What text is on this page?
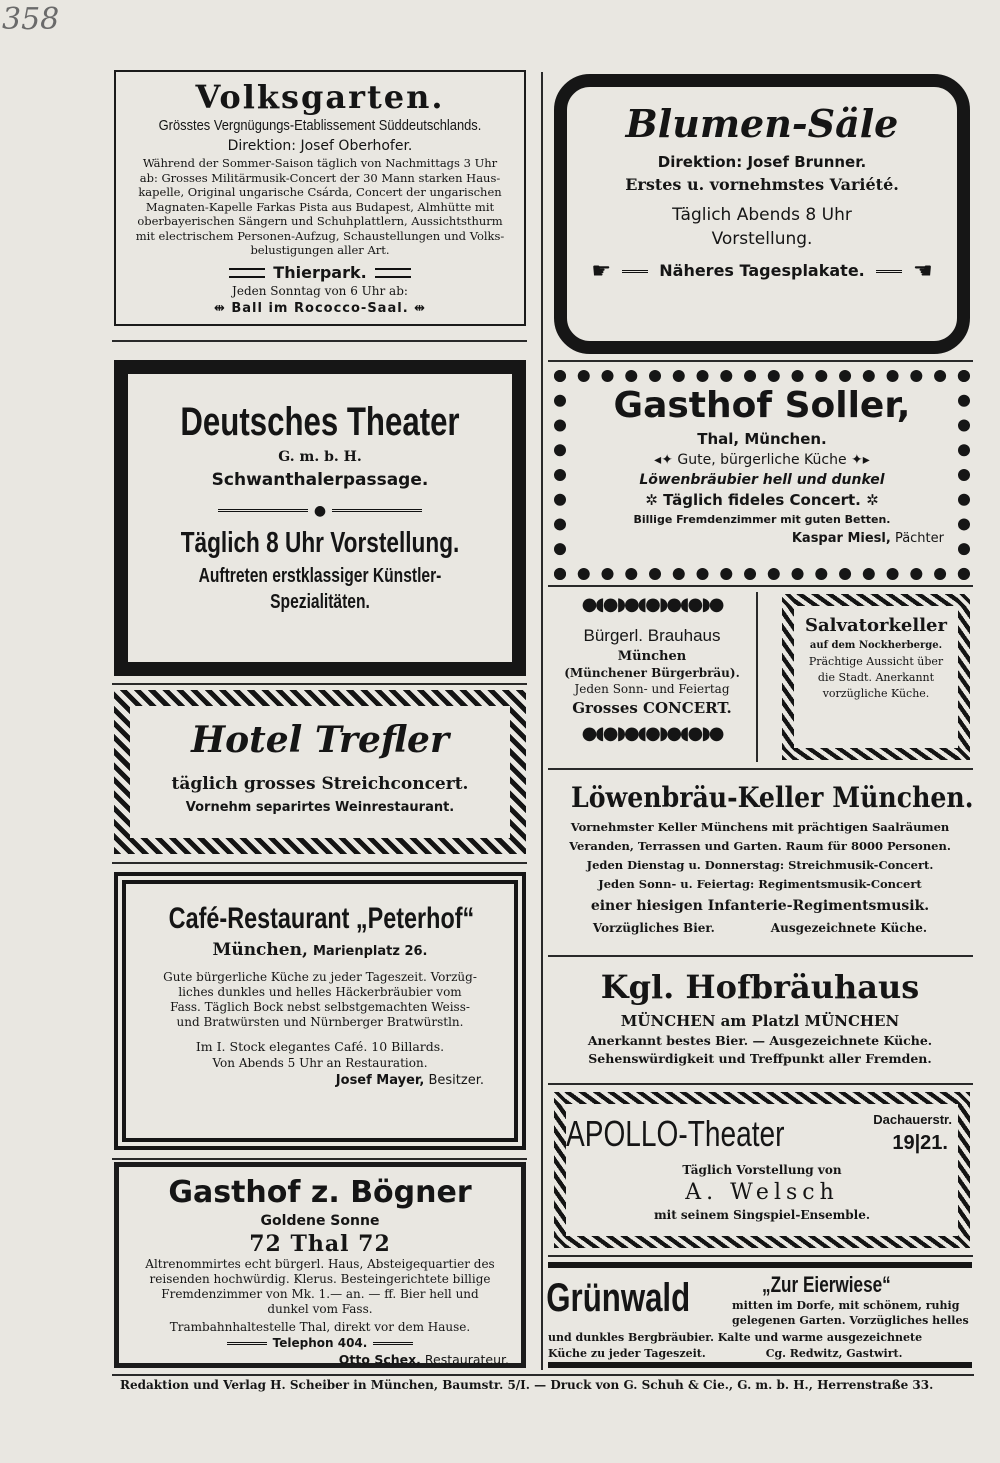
358
Volksgarten.
Grösstes Vergnügungs-Etablissement Süddeutschlands.
Direktion: Josef Oberhofer.
Während der Sommer-Saison täglich von Nachmittags 3 Uhr
ab: Grosses Militärmusik-Concert der 30 Mann starken Haus-
kapelle, Original ungarische Csárda, Concert der ungarischen
Magnaten-Kapelle Farkas Pista aus Budapest, Almhütte mit
oberbayerischen Sängern und Schuhplattlern, Aussichtsthurm
mit electrischem Personen-Aufzug, Schaustellungen und Volks-
belustigungen aller Art.
Thierpark.
Jeden Sonntag von 6 Uhr ab:
⇹ Ball im Rococco-Saal. ⇹
Blumen-Säle
Direktion: Josef Brunner.
Erstes u. vornehmstes Variété.
Täglich Abends 8 Uhr
Vorstellung.
☛	Näheres Tagesplakate. ☚
Deutsches Theater
G. m. b. H.
Schwanthalerpassage.
●
Täglich 8 Uhr Vorstellung.
Auftreten erstklassiger Künstler-
Spezialitäten.
Gasthof Soller,
Thal, München.
◂✦ Gute, bürgerliche Küche ✦▸
Löwenbräubier hell und dunkel
✲ Täglich fideles Concert. ✲
Billige Fremdenzimmer mit guten Betten.
Kaspar Miesl, Pächter
Hotel Trefler
täglich grosses Streichconcert.
Vornehm separirtes Weinrestaurant.
●◖●◗●◖●◗●◖●◗●
Bürgerl. Brauhaus
München
(Münchener Bürgerbräu).
Jeden Sonn- und Feiertag
Grosses CONCERT.
●◖●◗●◖●◗●◖●◗●
Salvatorkeller
auf dem Nockherberge.
Prächtige Aussicht über
die Stadt. Anerkannt
vorzügliche Küche.
Löwenbräu-Keller München.
Vornehmster Keller Münchens mit prächtigen Saalräumen
Veranden, Terrassen und Garten. Raum für 8000 Personen.
Jeden Dienstag u. Donnerstag: Streichmusik-Concert.
Jeden Sonn- u. Feiertag: Regimentsmusik-Concert
einer hiesigen Infanterie-Regimentsmusik.
Vorzügliches Bier.	Ausgezeichnete Küche.
Café-Restaurant „Peterhof“
München, Marienplatz 26.
Gute bürgerliche Küche zu jeder Tageszeit. Vorzüg-
liches dunkles und helles Häckerbräubier vom
Fass. Täglich Bock nebst selbstgemachten Weiss-
und Bratwürsten und Nürnberger Bratwürstln.
Im I. Stock elegantes Café. 10 Billards.
Von Abends 5 Uhr an Restauration.
Josef Mayer, Besitzer.
Kgl. Hofbräuhaus
MÜNCHEN am Platzl MÜNCHEN
Anerkannt bestes Bier. — Ausgezeichnete Küche.
Sehenswürdigkeit und Treffpunkt aller Fremden.
APOLLO-Theater	Dachauerstr.
19|21.
Täglich Vorstellung von
A. Welsch
mit seinem Singspiel-Ensemble.
Gasthof z. Bögner
Goldene Sonne
72 Thal 72
Altrenommirtes echt bürgerl. Haus, Absteigequartier des
reisenden hochwürdig. Klerus. Besteingerichtete billige
Fremdenzimmer von Mk. 1.— an. — ff. Bier hell und
dunkel vom Fass.
Trambahnhaltestelle Thal, direkt vor dem Hause.
Telephon 404.
Otto Schex, Restaurateur.
Grünwald	„Zur Eierwiese“
mitten im Dorfe, mit schönem, ruhig
gelegenen Garten. Vorzügliches helles
und dunkles Bergbräubier. Kalte und warme ausgezeichnete
Küche zu jeder Tageszeit.	Cg. Redwitz, Gastwirt.
Redaktion und Verlag H. Scheiber in München, Baumstr. 5/I. — Druck von G. Schuh & Cie., G. m. b. H., Herrenstraße 33.
